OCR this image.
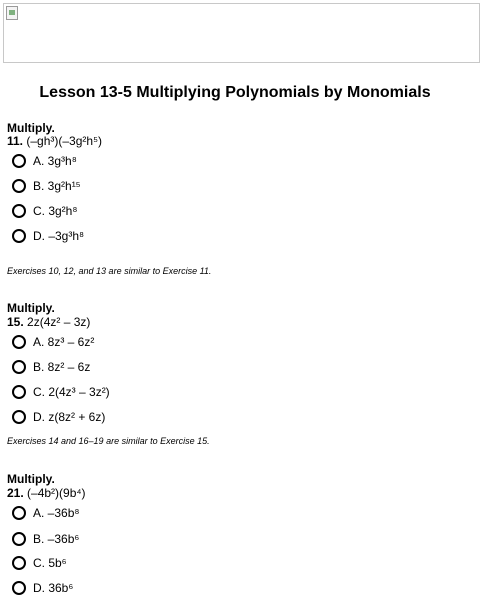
Lesson 13-5 Multiplying Polynomials by Monomials
Multiply.
11. (–gh³)(–3g²h⁵)
A. 3g³h⁸
B. 3g²h¹⁵
C. 3g²h⁸
D. –3g³h⁸
Exercises 10, 12, and 13 are similar to Exercise 11.
Multiply.
15. 2z(4z² – 3z)
A. 8z³ – 6z²
B. 8z² – 6z
C. 2(4z³ – 3z²)
D. z(8z² + 6z)
Exercises 14 and 16–19 are similar to Exercise 15.
Multiply.
21. (–4b²)(9b⁴)
A. –36b⁸
B. –36b⁶
C. 5b⁶
D. 36b⁶
